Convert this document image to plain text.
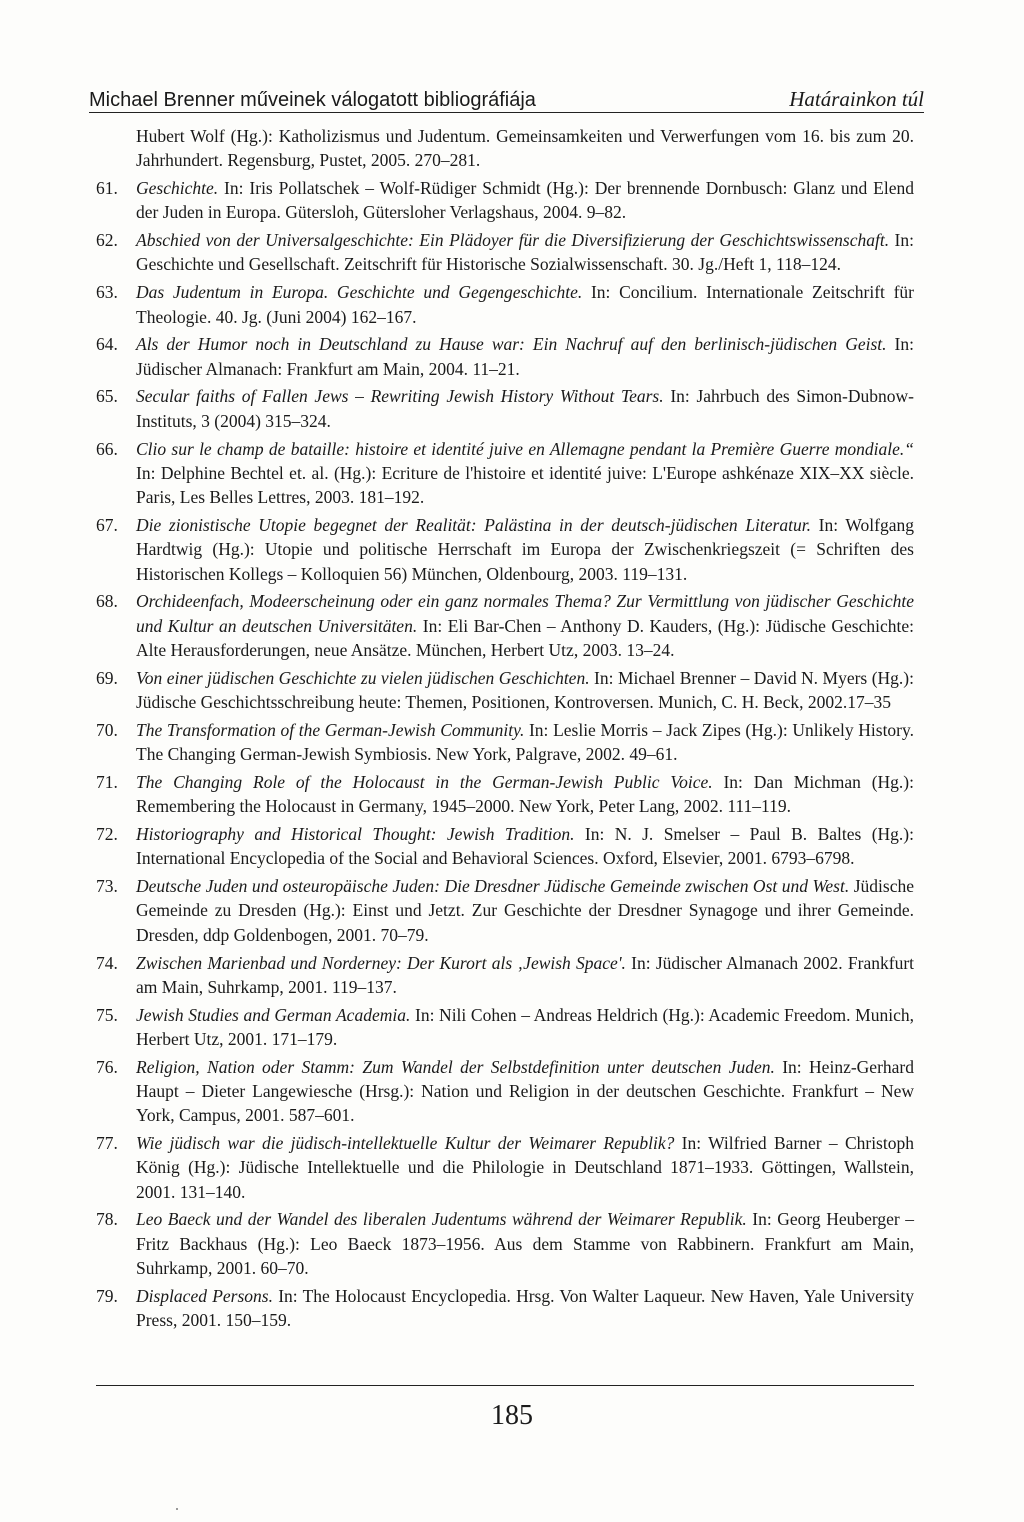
Michael Brenner műveinek válogatott bibliográfiája	Határainkon túl
Hubert Wolf (Hg.): Katholizismus und Judentum. Gemeinsamkeiten und Verwerfungen vom 16. bis zum 20. Jahrhundert. Regensburg, Pustet, 2005. 270–281.
61.	Geschichte. In: Iris Pollatschek – Wolf-Rüdiger Schmidt (Hg.): Der brennende Dornbusch: Glanz und Elend der Juden in Europa. Gütersloh, Gütersloher Verlagshaus, 2004. 9–82.
62.	Abschied von der Universalgeschichte: Ein Plädoyer für die Diversifizierung der Geschichtswissenschaft. In: Geschichte und Gesellschaft. Zeitschrift für Historische Sozialwissenschaft. 30. Jg./Heft 1, 118–124.
63.	Das Judentum in Europa. Geschichte und Gegengeschichte. In: Concilium. Internationale Zeitschrift für Theologie. 40. Jg. (Juni 2004) 162–167.
64.	Als der Humor noch in Deutschland zu Hause war: Ein Nachruf auf den berlinisch-jüdischen Geist. In: Jüdischer Almanach: Frankfurt am Main, 2004. 11–21.
65.	Secular faiths of Fallen Jews – Rewriting Jewish History Without Tears. In: Jahrbuch des Simon-Dubnow-Instituts, 3 (2004) 315–324.
66.	Clio sur le champ de bataille: histoire et identité juive en Allemagne pendant la Première Guerre mondiale.“ In: Delphine Bechtel et. al. (Hg.): Ecriture de l'histoire et identité juive: L'Europe ashkénaze XIX–XX siècle. Paris, Les Belles Lettres, 2003. 181–192.
67.	Die zionistische Utopie begegnet der Realität: Palästina in der deutsch-jüdischen Literatur. In: Wolfgang Hardtwig (Hg.): Utopie und politische Herrschaft im Europa der Zwischenkriegszeit (= Schriften des Historischen Kollegs – Kolloquien 56) München, Oldenbourg, 2003. 119–131.
68.	Orchideenfach, Modeerscheinung oder ein ganz normales Thema? Zur Vermittlung von jüdischer Geschichte und Kultur an deutschen Universitäten. In: Eli Bar-Chen – Anthony D. Kauders, (Hg.): Jüdische Geschichte: Alte Herausforderungen, neue Ansätze. München, Herbert Utz, 2003. 13–24.
69.	Von einer jüdischen Geschichte zu vielen jüdischen Geschichten. In: Michael Brenner – David N. Myers (Hg.): Jüdische Geschichtsschreibung heute: Themen, Positionen, Kontroversen. Munich, C. H. Beck, 2002.17–35
70.	The Transformation of the German-Jewish Community. In: Leslie Morris – Jack Zipes (Hg.): Unlikely History. The Changing German-Jewish Symbiosis. New York, Palgrave, 2002. 49–61.
71.	The Changing Role of the Holocaust in the German-Jewish Public Voice. In: Dan Michman (Hg.): Remembering the Holocaust in Germany, 1945–2000. New York, Peter Lang, 2002. 111–119.
72.	Historiography and Historical Thought: Jewish Tradition. In: N. J. Smelser – Paul B. Baltes (Hg.): International Encyclopedia of the Social and Behavioral Sciences. Oxford, Elsevier, 2001. 6793–6798.
73.	Deutsche Juden und osteuropäische Juden: Die Dresdner Jüdische Gemeinde zwischen Ost und West. Jüdische Gemeinde zu Dresden (Hg.): Einst und Jetzt. Zur Geschichte der Dresdner Synagoge und ihrer Gemeinde. Dresden, ddp Goldenbogen, 2001. 70–79.
74.	Zwischen Marienbad und Norderney: Der Kurort als ‚Jewish Space'. In: Jüdischer Almanach 2002. Frankfurt am Main, Suhrkamp, 2001. 119–137.
75.	Jewish Studies and German Academia. In: Nili Cohen – Andreas Heldrich (Hg.): Academic Freedom. Munich, Herbert Utz, 2001. 171–179.
76.	Religion, Nation oder Stamm: Zum Wandel der Selbstdefinition unter deutschen Juden. In: Heinz-Gerhard Haupt – Dieter Langewiesche (Hrsg.): Nation und Religion in der deutschen Geschichte. Frankfurt – New York, Campus, 2001. 587–601.
77.	Wie jüdisch war die jüdisch-intellektuelle Kultur der Weimarer Republik? In: Wilfried Barner – Christoph König (Hg.): Jüdische Intellektuelle und die Philologie in Deutschland 1871–1933. Göttingen, Wallstein, 2001. 131–140.
78.	Leo Baeck und der Wandel des liberalen Judentums während der Weimarer Republik. In: Georg Heuberger – Fritz Backhaus (Hg.): Leo Baeck 1873–1956. Aus dem Stamme von Rabbinern. Frankfurt am Main, Suhrkamp, 2001. 60–70.
79.	Displaced Persons. In: The Holocaust Encyclopedia. Hrsg. Von Walter Laqueur. New Haven, Yale University Press, 2001. 150–159.
185
